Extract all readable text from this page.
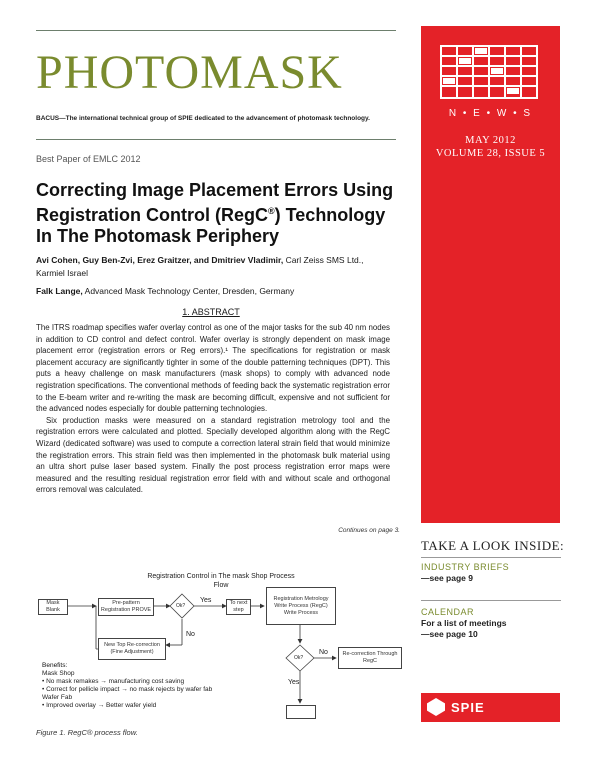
PHOTOMASK
BACUS—The international technical group of SPIE dedicated to the advancement of photomask technology.
Best Paper of EMLC 2012
N • E • W • S
MAY 2012
VOLUME 28, ISSUE 5
Correcting Image Placement Errors Using Registration Control (RegC®) Technology In The Photomask Periphery
Avi Cohen, Guy Ben-Zvi, Erez Graitzer, and Dmitriev Vladimir, Carl Zeiss SMS Ltd., Karmiel Israel
Falk Lange, Advanced Mask Technology Center, Dresden, Germany
1. ABSTRACT

The ITRS roadmap specifies wafer overlay control as one of the major tasks for the sub 40 nm nodes in addition to CD control and defect control. Wafer overlay is strongly dependent on mask image placement error (registration errors or Reg errors).¹ The specifications for registration or mask placement accuracy are significantly tighter in some of the double patterning techniques (DPT). This puts a heavy challenge on mask manufacturers (mask shops) to comply with advanced node registration specifications. The conventional methods of feeding back the systematic registration error to the E-beam writer and re-writing the mask are becoming difficult, expensive and not sufficient for the advanced nodes especially for double patterning technologies.

Six production masks were measured on a standard registration metrology tool and the registration errors were calculated and plotted. Specially developed algorithm along with the RegC Wizard (dedicated software) was used to compute a correction lateral strain field that would minimize the registration errors. This strain field was then implemented in the photomask bulk material using an ultra short pulse laser based system. Finally the post process registration error maps were measured and the resulting residual registration error field with and without scale and orthogonal errors removal was calculated.

Continues on page 3.
TAKE A LOOK INSIDE:
INDUSTRY BRIEFS
—see page 9
CALENDAR
For a list of meetings
—see page 10
SPIE
Registration Control in The mask Shop Process Flow
Mask Blank
Pre-pattern Registration PROVE
Ok?
Yes	To next step
Registration Metrology Write Process (RegC) Write Process
No
New Top Re-correction (Fine Adjustment)
Ok?
No	Re-correction Through RegC
Yes
Benefits:
Mask Shop
• No mask remakes → manufacturing cost saving
• Correct for pellicle impact → no mask rejects by wafer fab
Wafer Fab
• Improved overlay → Better wafer yield
Figure 1. RegC® process flow.
